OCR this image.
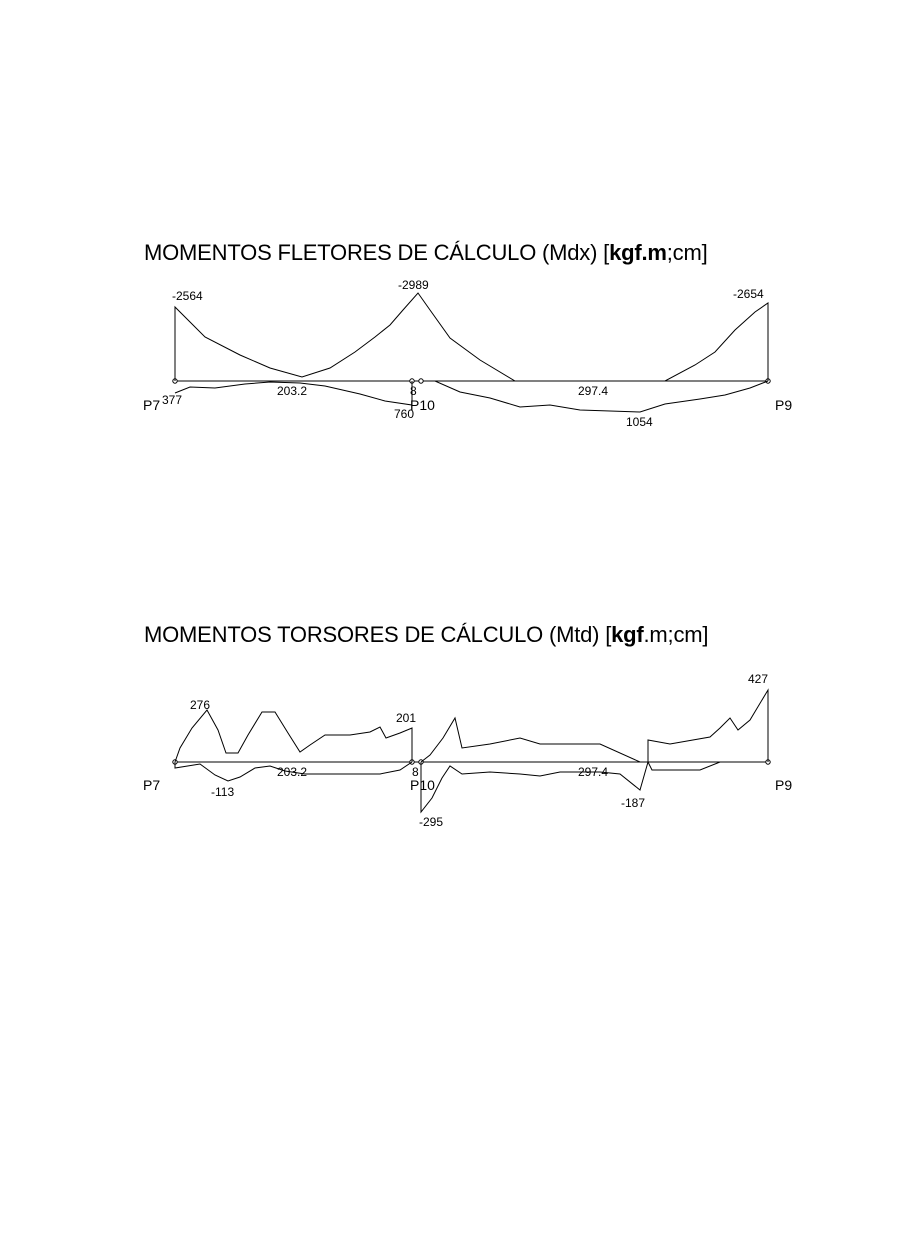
MOMENTOS FLETORES DE CÁLCULO (Mdx) [kgf.m;cm]
-2564
-2989
-2654
377
203.2	8
760
297.4
1054
P7	P10	P9
MOMENTOS TORSORES DE CÁLCULO (Mtd) [kgf.m;cm]
276
201
427
-113
203.2	8
-295
297.4
-187
P7	P10	P9
